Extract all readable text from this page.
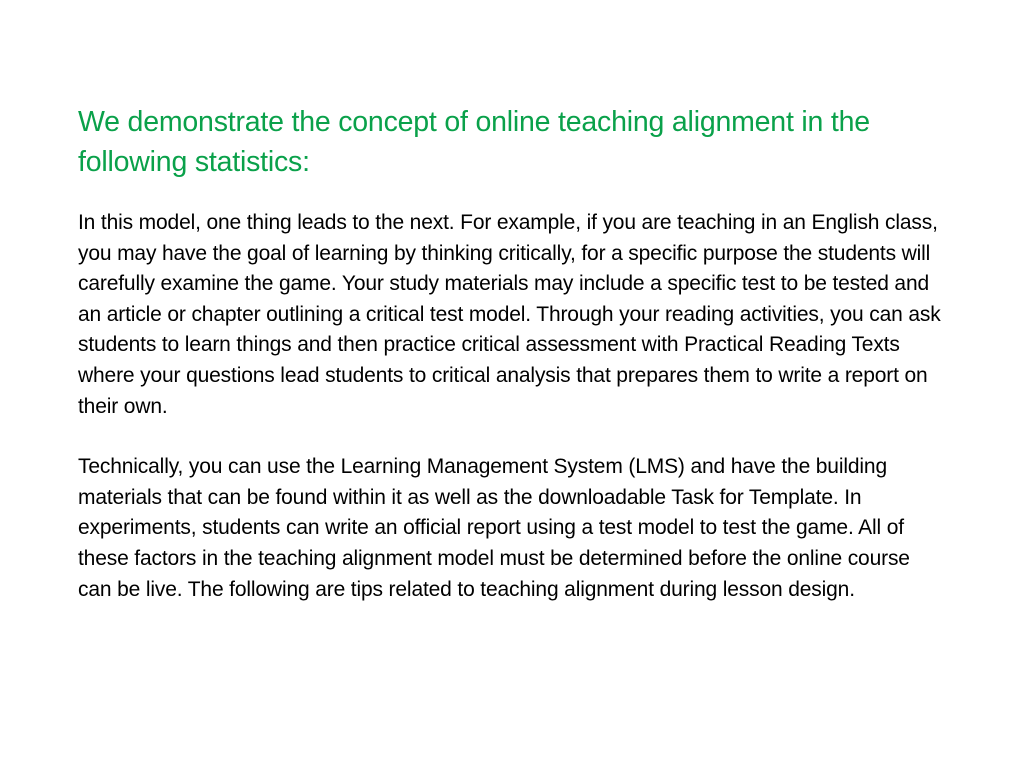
We demonstrate the concept of online teaching alignment in the following statistics:

In this model, one thing leads to the next. For example, if you are teaching in an English class, you may have the goal of learning by thinking critically, for a specific purpose the students will carefully examine the game. Your study materials may include a specific test to be tested and an article or chapter outlining a critical test model. Through your reading activities, you can ask students to learn things and then practice critical assessment with Practical Reading Texts where your questions lead students to critical analysis that prepares them to write a report on their own.

Technically, you can use the Learning Management System (LMS) and have the building materials that can be found within it as well as the downloadable Task for Template. In experiments, students can write an official report using a test model to test the game. All of these factors in the teaching alignment model must be determined before the online course can be live. The following are tips related to teaching alignment during lesson design.
